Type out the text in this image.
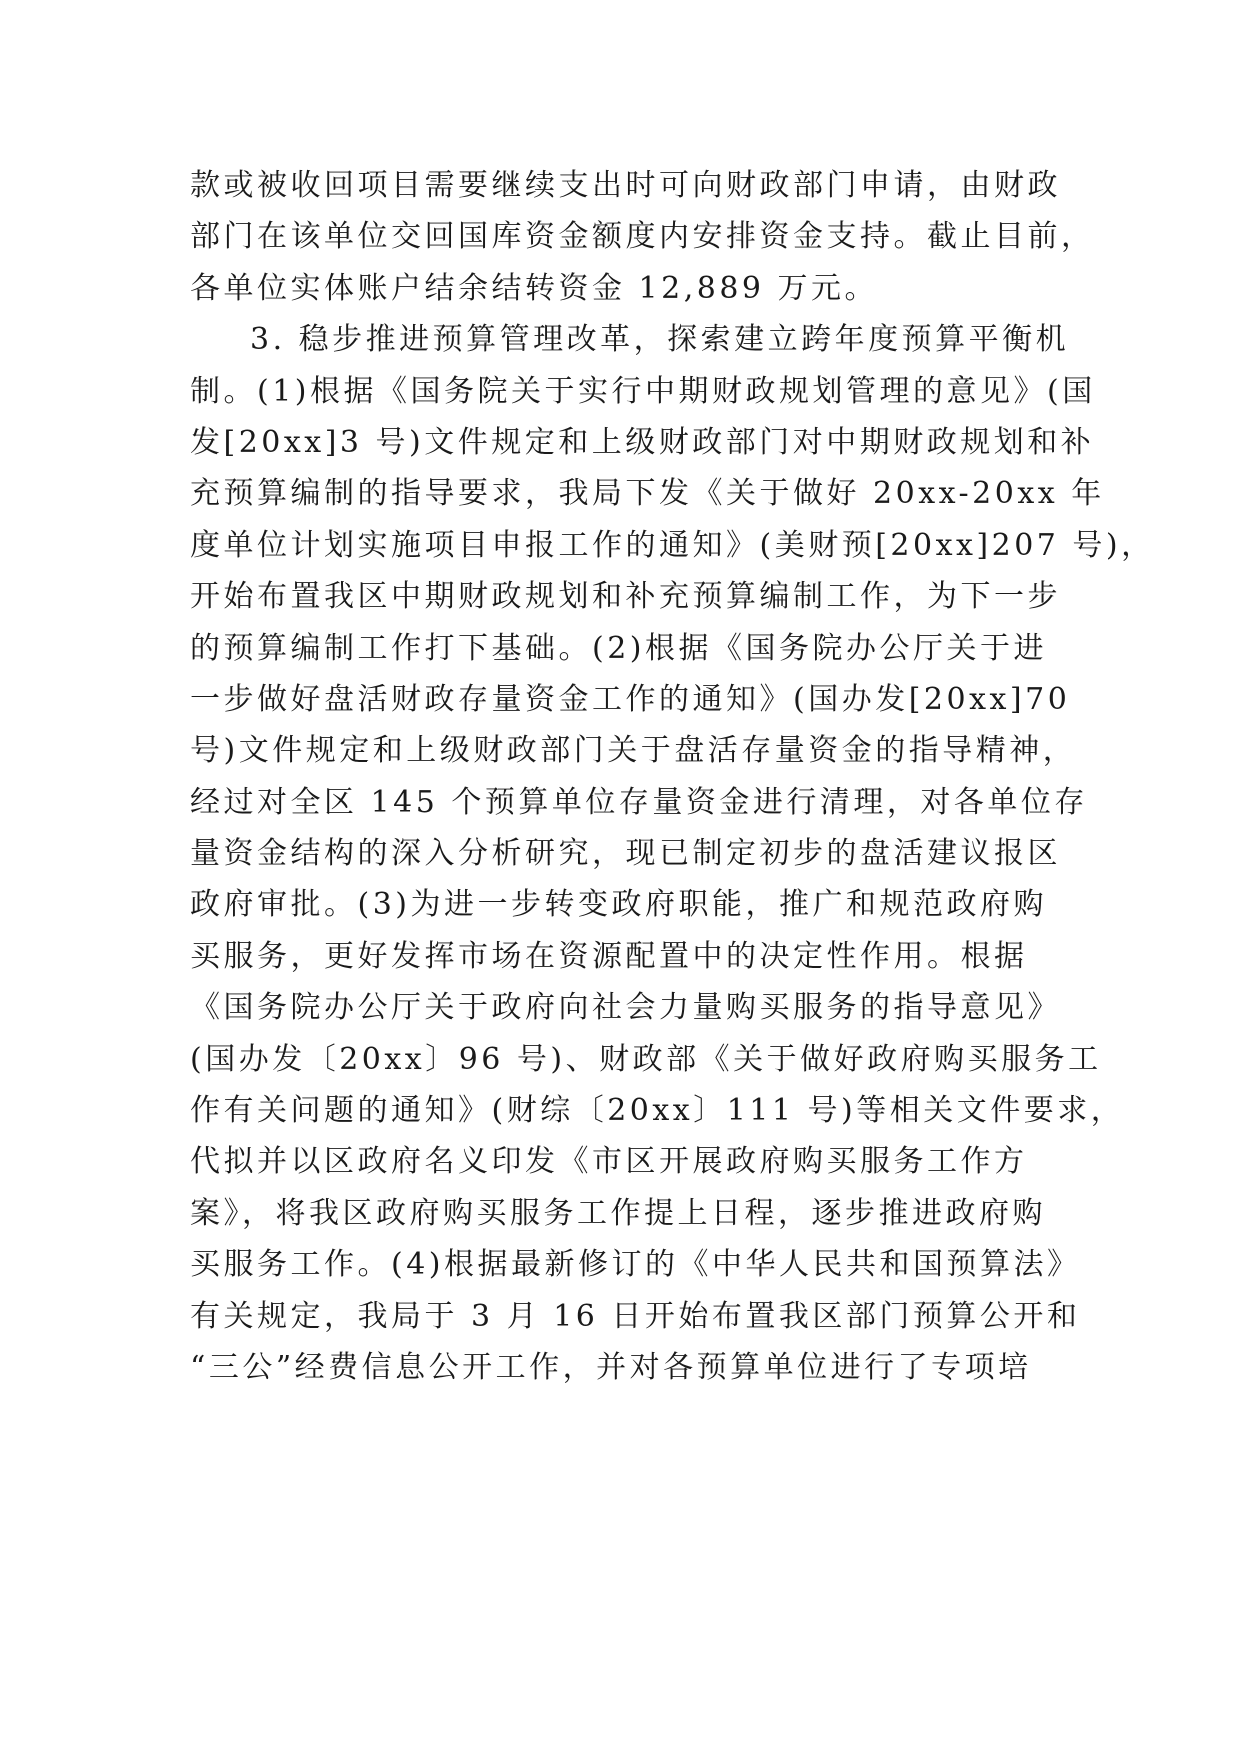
款或被收回项目需要继续支出时可向财政部门申请，由财政
部门在该单位交回国库资金额度内安排资金支持。截止目前，
各单位实体账户结余结转资金 12,889 万元。
3. 稳步推进预算管理改革，探索建立跨年度预算平衡机
制。(1)根据《国务院关于实行中期财政规划管理的意见》(国
发[20xx]3 号)文件规定和上级财政部门对中期财政规划和补
充预算编制的指导要求，我局下发《关于做好 20xx-20xx 年
度单位计划实施项目申报工作的通知》(美财预[20xx]207 号)，
开始布置我区中期财政规划和补充预算编制工作，为下一步
的预算编制工作打下基础。(2)根据《国务院办公厅关于进
一步做好盘活财政存量资金工作的通知》(国办发[20xx]70
号)文件规定和上级财政部门关于盘活存量资金的指导精神，
经过对全区 145 个预算单位存量资金进行清理，对各单位存
量资金结构的深入分析研究，现已制定初步的盘活建议报区
政府审批。(3)为进一步转变政府职能，推广和规范政府购
买服务，更好发挥市场在资源配置中的决定性作用。根据
《国务院办公厅关于政府向社会力量购买服务的指导意见》
(国办发〔20xx〕96 号)、财政部《关于做好政府购买服务工
作有关问题的通知》(财综〔20xx〕111 号)等相关文件要求，
代拟并以区政府名义印发《市区开展政府购买服务工作方
案》，将我区政府购买服务工作提上日程，逐步推进政府购
买服务工作。(4)根据最新修订的《中华人民共和国预算法》
有关规定，我局于 3 月 16 日开始布置我区部门预算公开和
“三公”经费信息公开工作，并对各预算单位进行了专项培
